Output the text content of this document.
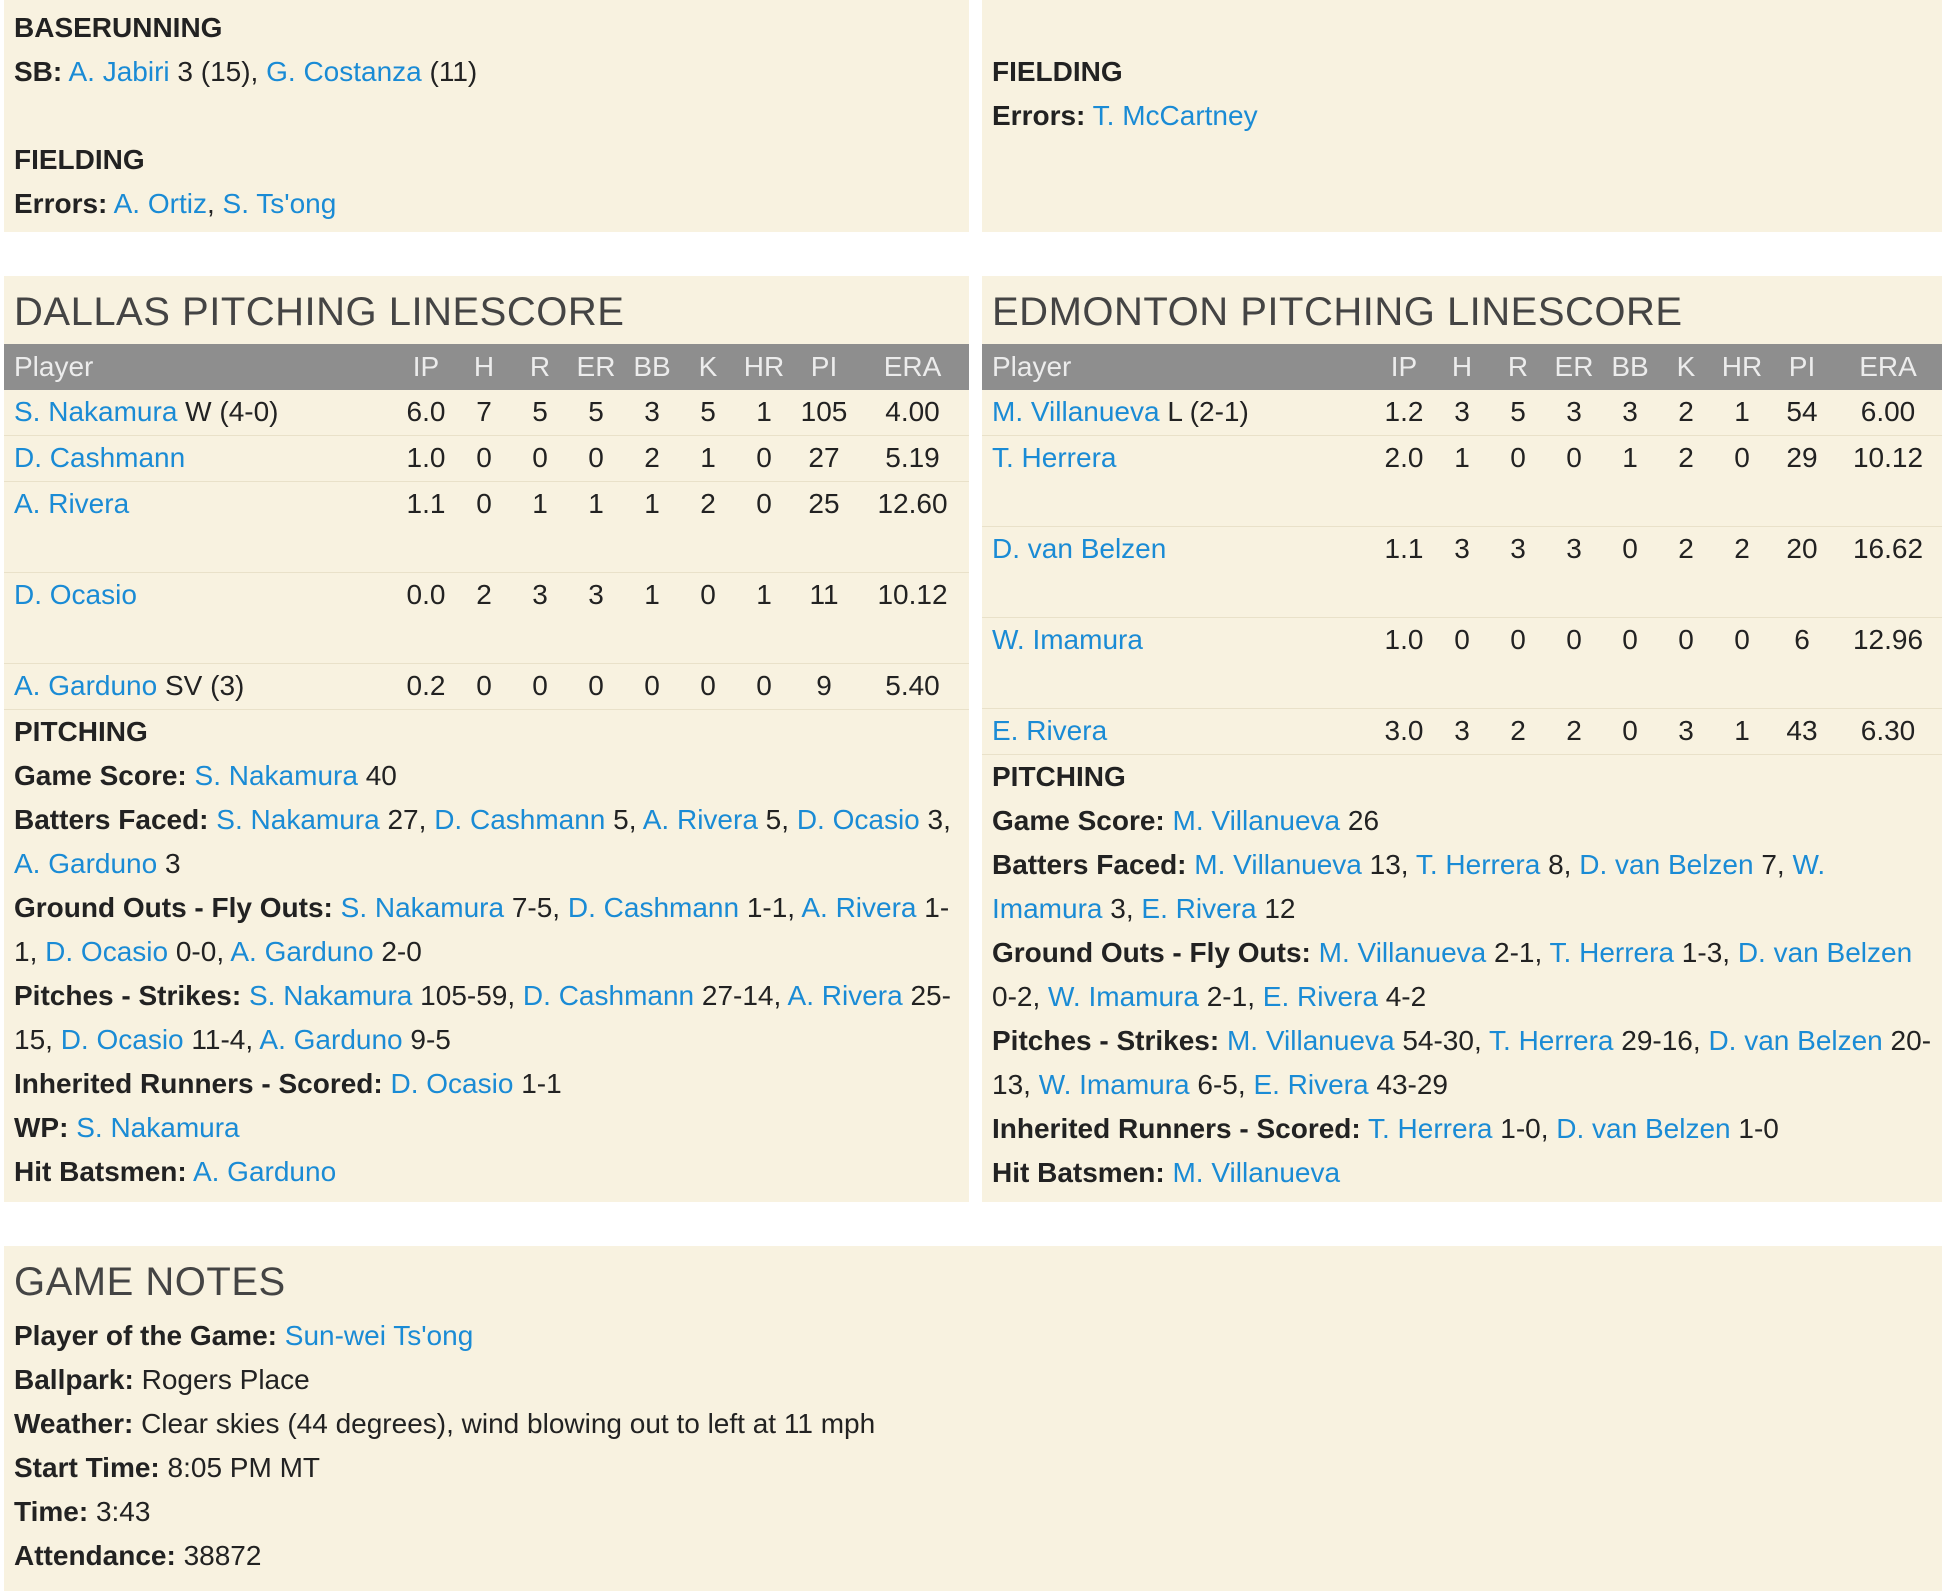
BASERUNNING
SB: A. Jabiri 3 (15), G. Costanza (11)
FIELDING
Errors: A. Ortiz, S. Ts'ong
FIELDING
Errors: T. McCartney
DALLAS PITCHING LINESCORE
Player	IP	H	R	ER	BB	K	HR	PI	ERA
S. Nakamura W (4-0)	6.0	7	5	5	3	5	1	105	4.00
D. Cashmann	1.0	0	0	0	2	1	0	27	5.19
A. Rivera	1.1	0	1	1	1	2	0	25	12.60
D. Ocasio	0.0	2	3	3	1	0	1	11	10.12
A. Garduno SV (3)	0.2	0	0	0	0	0	0	9	5.40
PITCHING
Game Score: S. Nakamura 40
Batters Faced: S. Nakamura 27, D. Cashmann 5, A. Rivera 5, D. Ocasio 3, A. Garduno 3
Ground Outs - Fly Outs: S. Nakamura 7-5, D. Cashmann 1-1, A. Rivera 1-1, D. Ocasio 0-0, A. Garduno 2-0
Pitches - Strikes: S. Nakamura 105-59, D. Cashmann 27-14, A. Rivera 25-15, D. Ocasio 11-4, A. Garduno 9-5
Inherited Runners - Scored: D. Ocasio 1-1
WP: S. Nakamura
Hit Batsmen: A. Garduno
EDMONTON PITCHING LINESCORE
Player	IP	H	R	ER	BB	K	HR	PI	ERA
M. Villanueva L (2-1)	1.2	3	5	3	3	2	1	54	6.00
T. Herrera	2.0	1	0	0	1	2	0	29	10.12
D. van Belzen	1.1	3	3	3	0	2	2	20	16.62
W. Imamura	1.0	0	0	0	0	0	0	6	12.96
E. Rivera	3.0	3	2	2	0	3	1	43	6.30
PITCHING
Game Score: M. Villanueva 26
Batters Faced: M. Villanueva 13, T. Herrera 8, D. van Belzen 7, W. Imamura 3, E. Rivera 12
Ground Outs - Fly Outs: M. Villanueva 2-1, T. Herrera 1-3, D. van Belzen 0-2, W. Imamura 2-1, E. Rivera 4-2
Pitches - Strikes: M. Villanueva 54-30, T. Herrera 29-16, D. van Belzen 20-13, W. Imamura 6-5, E. Rivera 43-29
Inherited Runners - Scored: T. Herrera 1-0, D. van Belzen 1-0
Hit Batsmen: M. Villanueva
GAME NOTES
Player of the Game: Sun-wei Ts'ong
Ballpark: Rogers Place
Weather: Clear skies (44 degrees), wind blowing out to left at 11 mph
Start Time: 8:05 PM MT
Time: 3:43
Attendance: 38872
